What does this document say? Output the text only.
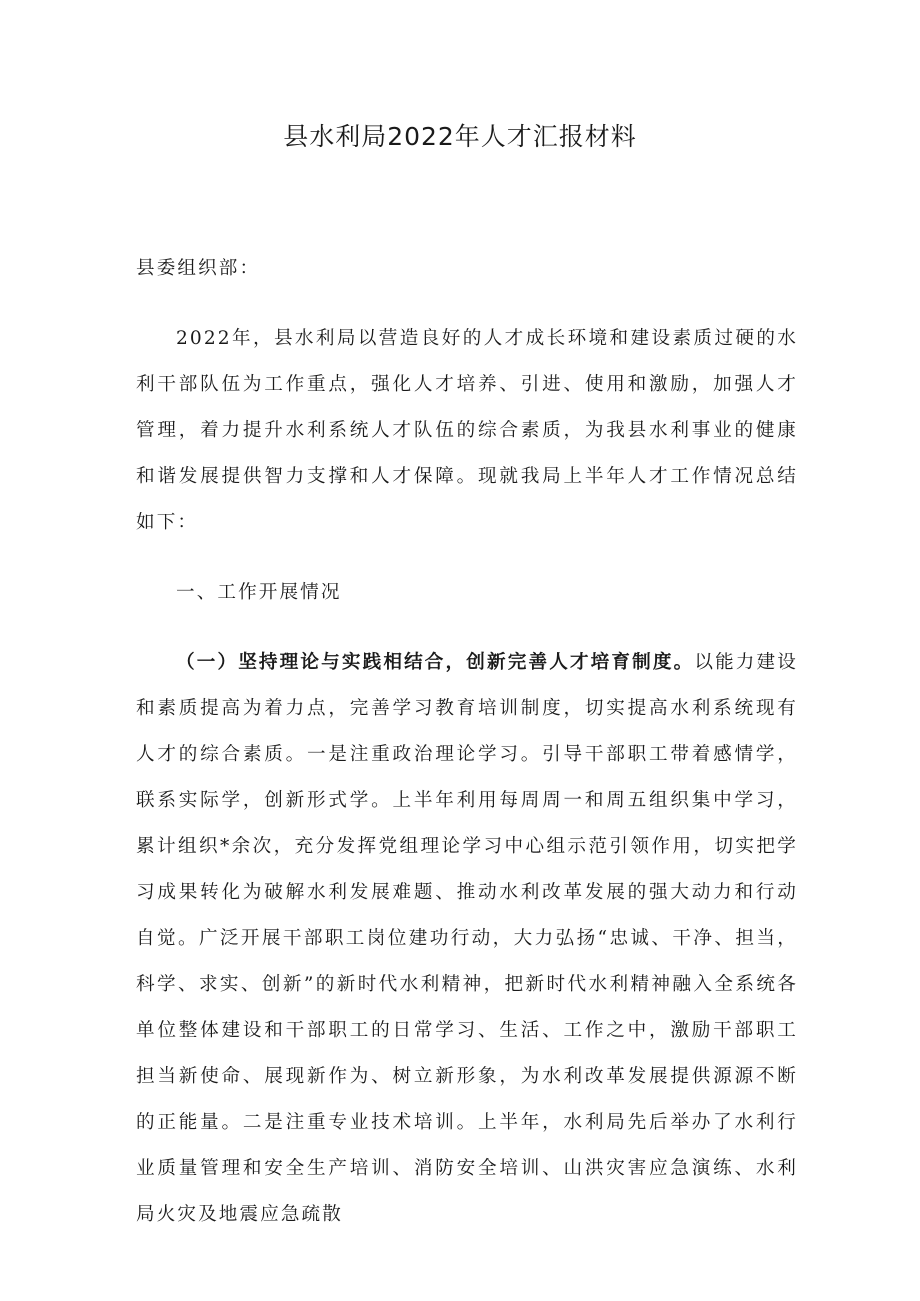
县水利局2022年人才汇报材料

县委组织部：

2022年，县水利局以营造良好的人才成长环境和建设素质过硬的水利干部队伍为工作重点，强化人才培养、引进、使用和激励，加强人才管理，着力提升水利系统人才队伍的综合素质，为我县水利事业的健康和谐发展提供智力支撑和人才保障。现就我局上半年人才工作情况总结如下：

一、工作开展情况

（一）坚持理论与实践相结合，创新完善人才培育制度。以能力建设和素质提高为着力点，完善学习教育培训制度，切实提高水利系统现有人才的综合素质。一是注重政治理论学习。引导干部职工带着感情学，联系实际学，创新形式学。上半年利用每周周一和周五组织集中学习，累计组织*余次，充分发挥党组理论学习中心组示范引领作用，切实把学习成果转化为破解水利发展难题、推动水利改革发展的强大动力和行动自觉。广泛开展干部职工岗位建功行动，大力弘扬“忠诚、干净、担当，科学、求实、创新”的新时代水利精神，把新时代水利精神融入全系统各单位整体建设和干部职工的日常学习、生活、工作之中，激励干部职工担当新使命、展现新作为、树立新形象，为水利改革发展提供源源不断的正能量。二是注重专业技术培训。上半年，水利局先后举办了水利行业质量管理和安全生产培训、消防安全培训、山洪灾害应急演练、水利局火灾及地震应急疏散
